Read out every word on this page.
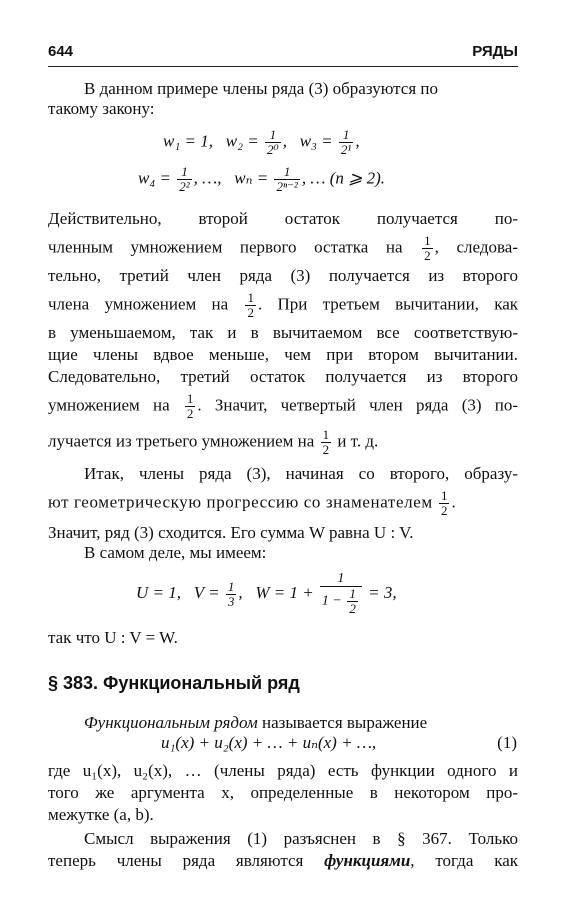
644	РЯДЫ
В данном примере члены ряда (3) образуются по
такому закону:
w₁ = 1, $w_2 = \frac{1}{\text{2⁰}}$ ,   $w_3 = \frac{1}{\text{2¹}}$ ,
$w_4 = \frac{1}{\text{2²}}$ , …, $w_n = \frac{1}{\text{2ⁿ⁻²}}$ , … (n ⩾ 2).
Действительно, второй остаток получается по-
членным умножением первого остатка на $\frac{1}{2}$ , следова-
тельно, третий член ряда (3) получается из второго
члена умножением на $\frac{1}{2}$ . При третьем вычитании, как
в уменьшаемом, так и в вычитаемом все соответствую-
щие члены вдвое меньше, чем при втором вычитании.
Следовательно, третий остаток получается из второго
умножением на $\frac{1}{2}$ . Значит, четвертый член ряда (3) по-
лучается из третьего умножением на $\frac{1}{2}$ и т. д.
Итак, члены ряда (3), начиная со второго, образу-
ют геометрическую прогрессию со знаменателем $\frac{1}{2}$ .
Значит, ряд (3) сходится. Его сумма W равна U : V.
В самом деле, мы имеем:
U = 1, $V = \frac{1}{3}$ ,   $W = 1 + \frac{1}{1 - \frac{1}{2}} = 3$,
так что U : V = W.
§ 383. Функциональный ряд
Функциональным рядом называется выражение
u₁(x) + u₂(x) + … + uₙ(x) + …,	(1)
где u₁(x), u₂(x), … (члены ряда) есть функции одного и
того же аргумента x, определенные в некотором про-
межутке (a, b).
Смысл выражения (1) разъяснен в § 367. Только
теперь члены ряда являются функциями, тогда как
